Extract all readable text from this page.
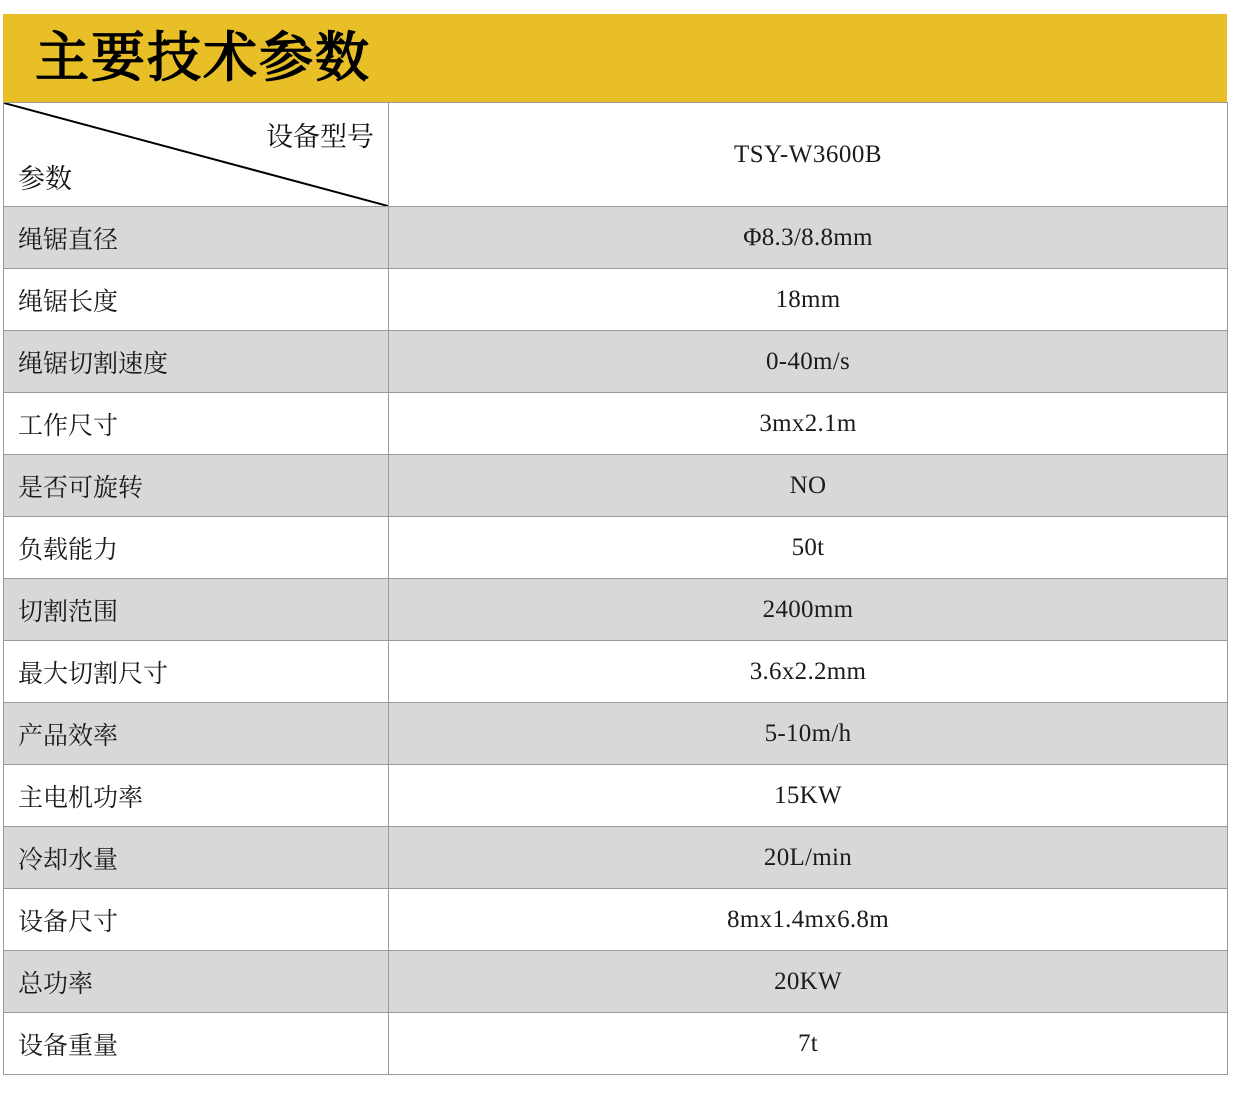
主要技术参数
设备型号
参数	TSY-W3600B
绳锯直径	Φ8.3/8.8mm
绳锯长度	18mm
绳锯切割速度	0-40m/s
工作尺寸	3mx2.1m
是否可旋转	NO
负载能力	50t
切割范围	2400mm
最大切割尺寸	3.6x2.2mm
产品效率	5-10m/h
主电机功率	15KW
冷却水量	20L/min
设备尺寸	8mx1.4mx6.8m
总功率	20KW
设备重量	7t
